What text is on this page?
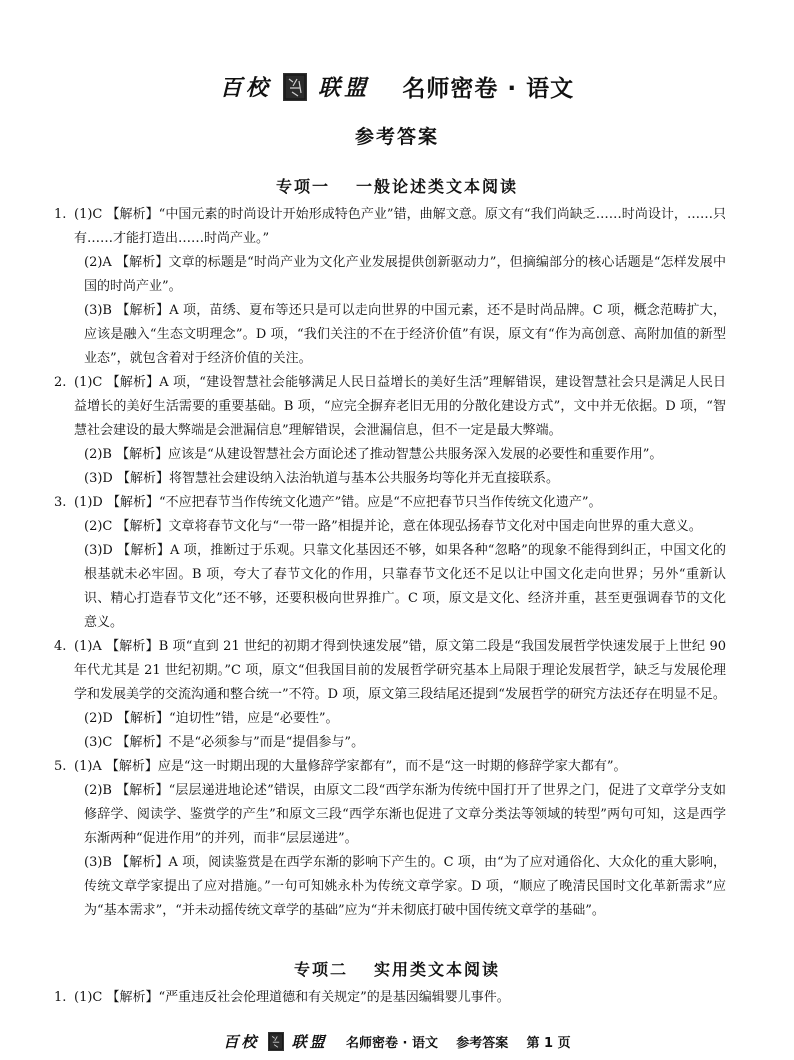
百校 联盟 名师密卷 · 语文
参考答案
专项一 一般论述类文本阅读
1. (1)C 【解析】“中国元素的时尚设计开始形成特色产业”错，曲解文意。原文有“我们尚缺乏……时尚设计，……只有……才能打造出……时尚产业。”
(2)A 【解析】文章的标题是“时尚产业为文化产业发展提供创新驱动力”，但摘编部分的核心话题是“怎样发展中国的时尚产业”。
(3)B 【解析】A 项，苗绣、夏布等还只是可以走向世界的中国元素，还不是时尚品牌。C 项，概念范畴扩大，应该是融入“生态文明理念”。D 项，“我们关注的不在于经济价值”有误，原文有“作为高创意、高附加值的新型业态”，就包含着对于经济价值的关注。
2. (1)C 【解析】A 项，“建设智慧社会能够满足人民日益增长的美好生活”理解错误，建设智慧社会只是满足人民日益增长的美好生活需要的重要基础。B 项，“应完全摒弃老旧无用的分散化建设方式”，文中并无依据。D 项，“智慧社会建设的最大弊端是会泄漏信息”理解错误，会泄漏信息，但不一定是最大弊端。
(2)B 【解析】应该是“从建设智慧社会方面论述了推动智慧公共服务深入发展的必要性和重要作用”。
(3)D 【解析】将智慧社会建设纳入法治轨道与基本公共服务均等化并无直接联系。
3. (1)D 【解析】“不应把春节当作传统文化遗产”错。应是“不应把春节只当作传统文化遗产”。
(2)C 【解析】文章将春节文化与“一带一路”相提并论，意在体现弘扬春节文化对中国走向世界的重大意义。
(3)D 【解析】A 项，推断过于乐观。只靠文化基因还不够，如果各种“忽略”的现象不能得到纠正，中国文化的根基就未必牢固。B 项，夸大了春节文化的作用，只靠春节文化还不足以让中国文化走向世界；另外“重新认识、精心打造春节文化”还不够，还要积极向世界推广。C 项，原文是文化、经济并重，甚至更强调春节的文化意义。
4. (1)A 【解析】B 项“直到 21 世纪的初期才得到快速发展”错，原文第二段是“我国发展哲学快速发展于上世纪 90 年代尤其是 21 世纪初期。”C 项，原文“但我国目前的发展哲学研究基本上局限于理论发展哲学，缺乏与发展伦理学和发展美学的交流沟通和整合统一”不符。D 项，原文第三段结尾还提到“发展哲学的研究方法还存在明显不足。
(2)D 【解析】“迫切性”错，应是“必要性”。
(3)C 【解析】不是“必须参与”而是“提倡参与”。
5. (1)A 【解析】应是“这一时期出现的大量修辞学家都有”，而不是“这一时期的修辞学家大都有”。
(2)B 【解析】“层层递进地论述”错误，由原文二段“西学东渐为传统中国打开了世界之门，促进了文章学分支如修辞学、阅读学、鉴赏学的产生”和原文三段“西学东渐也促进了文章分类法等领域的转型”两句可知，这是西学东渐两种“促进作用”的并列，而非“层层递进”。
(3)B 【解析】A 项，阅读鉴赏是在西学东渐的影响下产生的。C 项，由“为了应对通俗化、大众化的重大影响，传统文章学家提出了应对措施。”一句可知姚永朴为传统文章学家。D 项，“顺应了晚清民国时文化革新需求”应为“基本需求”，“并未动摇传统文章学的基础”应为“并未彻底打破中国传统文章学的基础”。
专项二 实用类文本阅读
1. (1)C 【解析】“严重违反社会伦理道德和有关规定”的是基因编辑婴儿事件。
百校 联盟 名师密卷 · 语文 参考答案 第 1 页
